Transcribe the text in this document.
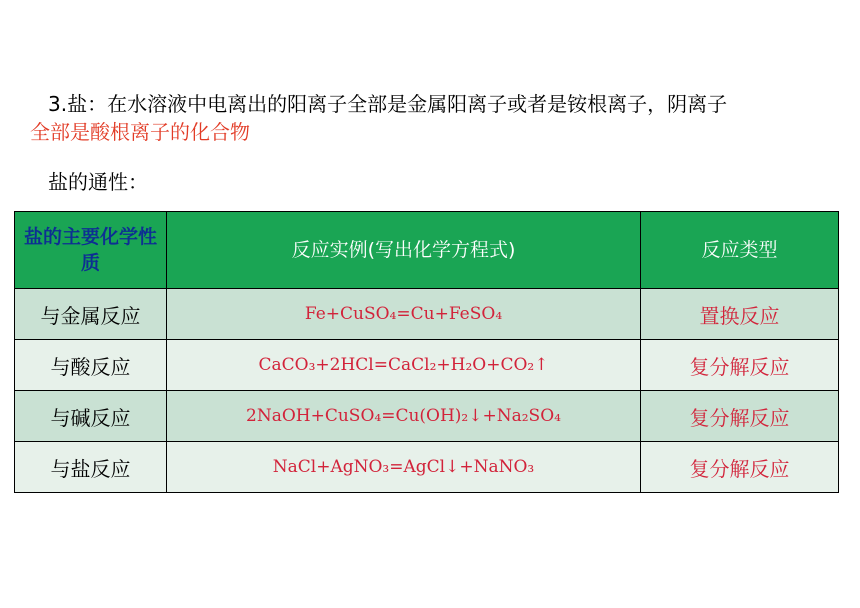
3.盐：在水溶液中电离出的阳离子全部是金属阳离子或者是铵根离子，阴离子
全部是酸根离子的化合物
盐的通性：
盐的主要化学性质	反应实例(写出化学方程式)	反应类型
与金属反应	Fe+CuSO₄=Cu+FeSO₄	置换反应
与酸反应	CaCO₃+2HCl=CaCl₂+H₂O+CO₂↑	复分解反应
与碱反应	2NaOH+CuSO₄=Cu(OH)₂↓+Na₂SO₄	复分解反应
与盐反应	NaCl+AgNO₃=AgCl↓+NaNO₃	复分解反应
